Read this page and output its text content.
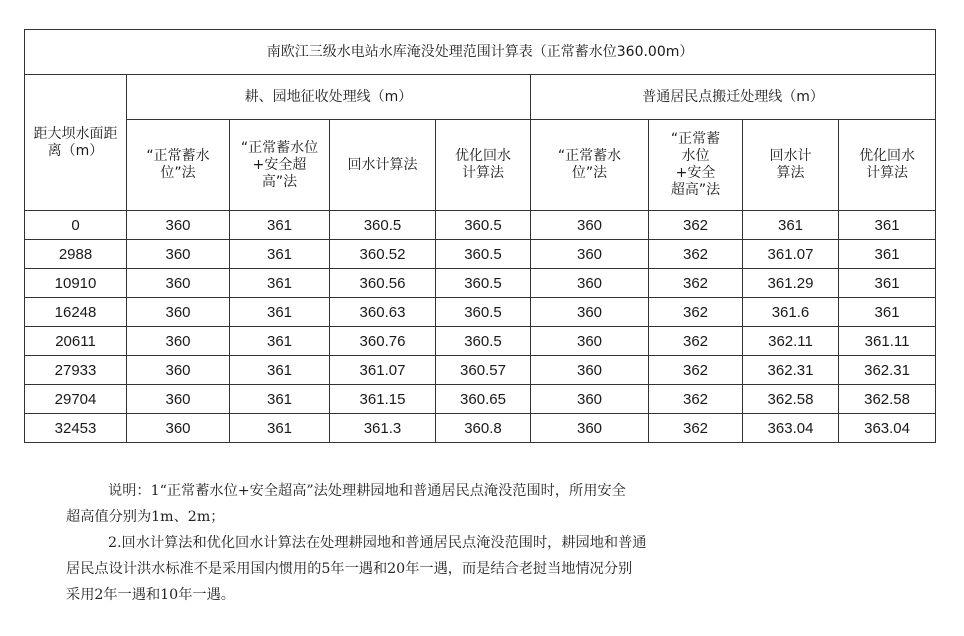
南欧江三级水电站水库淹没处理范围计算表（正常蓄水位360.00m）								
距大坝水面距离（m）	耕、园地征收处理线（m）				普通居民点搬迁处理线（m）			
	“正常蓄水位”法	“正常蓄水位+安全超高”法	回水计算法	优化回水计算法	“正常蓄水位”法	“正常蓄水位+安全超高”法	回水计算法	优化回水计算法
0	360	361	360.5	360.5	360	362	361	361
2988	360	361	360.52	360.5	360	362	361.07	361
10910	360	361	360.56	360.5	360	362	361.29	361
16248	360	361	360.63	360.5	360	362	361.6	361
20611	360	361	360.76	360.5	360	362	362.11	361.11
27933	360	361	361.07	360.57	360	362	362.31	362.31
29704	360	361	361.15	360.65	360	362	362.58	362.58
32453	360	361	361.3	360.8	360	362	363.04	363.04
说明：1“正常蓄水位+安全超高”法处理耕园地和普通居民点淹没范围时，所用安全
超高值分别为1m、2m；
2.回水计算法和优化回水计算法在处理耕园地和普通居民点淹没范围时，耕园地和普通
居民点设计洪水标准不是采用国内惯用的5年一遇和20年一遇，而是结合老挝当地情况分别
采用2年一遇和10年一遇。
